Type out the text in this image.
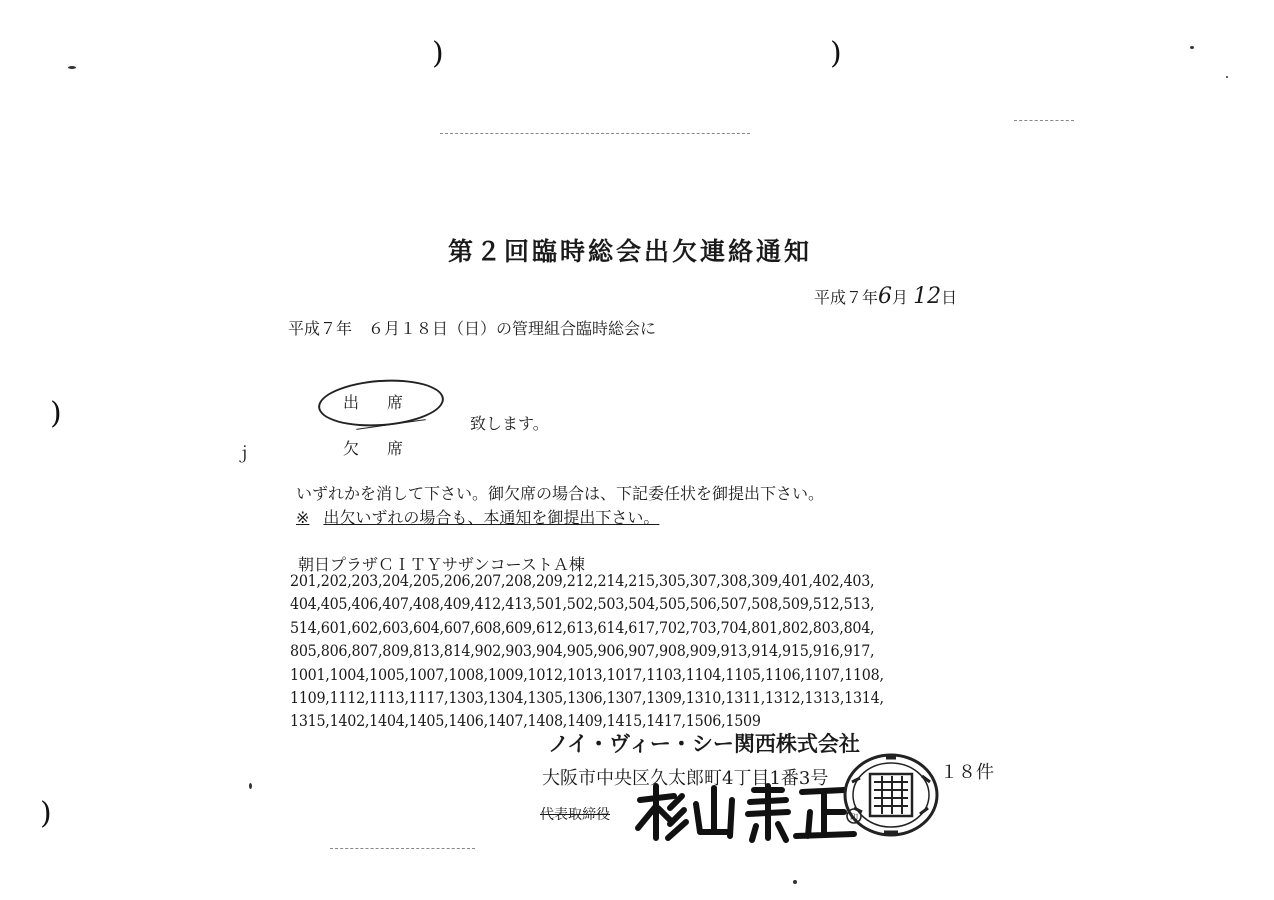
)	)
)
)
第２回臨時総会出欠連絡通知
平成７年6月 12日
平成７年　６月１８日（日）の管理組合臨時総会に
出席
欠席
致します。
ｊ
いずれかを消して下さい。御欠席の場合は、下記委任状を御提出下さい。
※ 出欠いずれの場合も、本通知を御提出下さい。
朝日プラザＣＩＴＹサザンコーストＡ棟
201,202,203,204,205,206,207,208,209,212,214,215,305,307,308,309,401,402,403,
404,405,406,407,408,409,412,413,501,502,503,504,505,506,507,508,509,512,513,
514,601,602,603,604,607,608,609,612,613,614,617,702,703,704,801,802,803,804,
805,806,807,809,813,814,902,903,904,905,906,907,908,909,913,914,915,916,917,
1001,1004,1005,1007,1008,1009,1012,1013,1017,1103,1104,1105,1106,1107,1108,
1109,1112,1113,1117,1303,1304,1305,1306,1307,1309,1310,1311,1312,1313,1314,
1315,1402,1404,1405,1406,1407,1408,1409,1415,1417,1506,1509
ノイ・ヴィー・シー関西株式会社
大阪市中央区久太郎町4丁目1番3号	１８件
代表取締役	印
